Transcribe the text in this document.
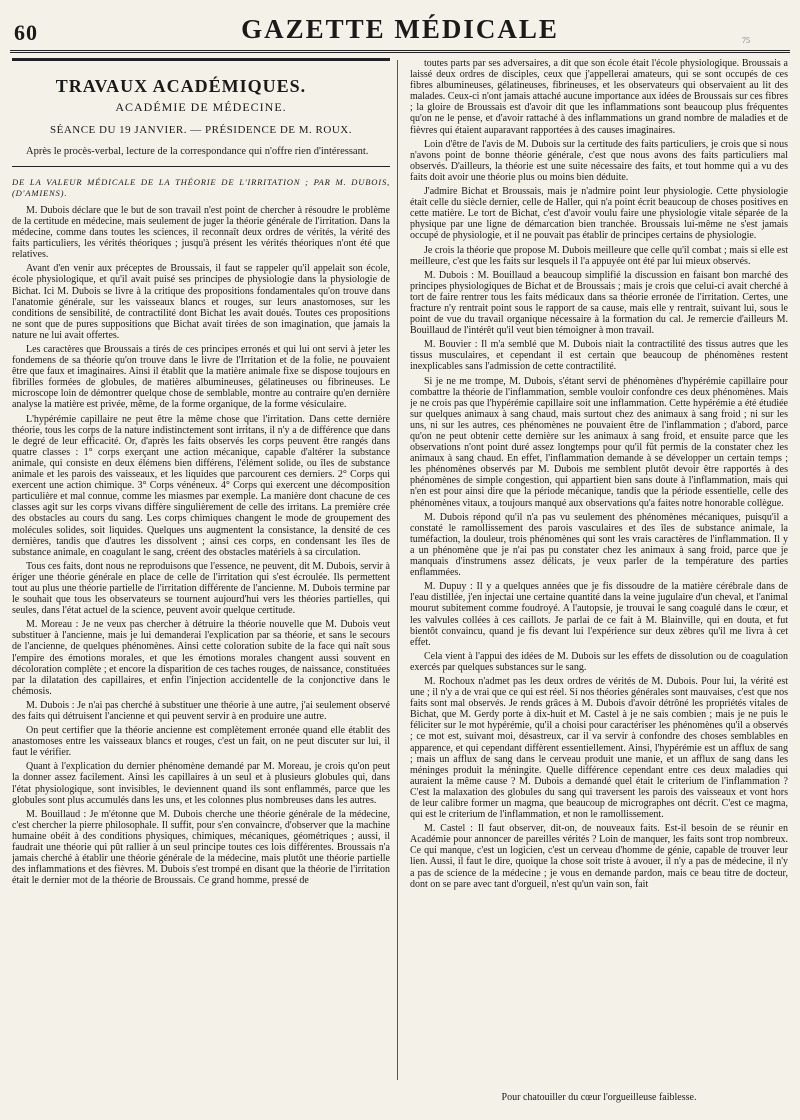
60	GAZETTE MÉDICALE	75
TRAVAUX ACADÉMIQUES.
ACADÉMIE DE MÉDECINE.
SÉANCE DU 19 JANVIER. — PRÉSIDENCE DE M. ROUX.
Après le procès-verbal, lecture de la correspondance qui n'offre rien d'intéressant.
DE LA VALEUR MÉDICALE DE LA THÉORIE DE L'IRRITATION ; PAR M. DUBOIS, (D'AMIENS).

M. Dubois déclare que le but de son travail n'est point de chercher à résoudre le problème de la certitude en médecine, mais seulement de juger la théorie générale de l'irritation. Dans la médecine, comme dans toutes les sciences, il reconnaît deux ordres de vérités, la vérité des faits particuliers, les vérités théoriques ; jusqu'à présent les vérités théoriques n'ont été que relatives.

Avant d'en venir aux préceptes de Broussais, il faut se rappeler qu'il appelait son école, école physiologique, et qu'il avait puisé ses principes de physiologie dans la physiologie de Bichat. Ici M. Dubois se livre à la critique des propositions fondamentales qu'on trouve dans l'anatomie générale, sur les vaisseaux blancs et rouges, sur leurs anastomoses, sur les conditions de sensibilité, de contractilité dont Bichat les avait doués. Toutes ces propositions ne sont que de pures suppositions que Bichat avait tirées de son imagination, que jamais la nature ne lui avait offertes.

Les caractères que Broussais a tirés de ces principes erronés et qui lui ont servi à jeter les fondemens de sa théorie qu'on trouve dans le livre de l'Irritation et de la folie, ne pouvaient être que faux et imaginaires. Ainsi il établit que la matière animale fixe se dispose toujours en fibrilles formées de globules, de matières albumineuses, gélatineuses ou fibrineuses. Le microscope loin de démontrer quelque chose de semblable, montre au contraire qu'en dernière analyse la matière est privée, même, de la forme organique, de la forme vésiculaire.

L'hypérémie capillaire ne peut être la même chose que l'irritation. Dans cette dernière théorie, tous les corps de la nature indistinctement sont irritans, il n'y a de différence que dans le degré de leur efficacité. Or, d'après les faits observés les corps peuvent être rangés dans quatre classes : 1° corps exerçant une action mécanique, capable d'altérer la substance animale, qui consiste en deux élémens bien différens, l'élément solide, ou îles de substance animale et les parois des vaisseaux, et les liquides que parcourent ces derniers. 2° Corps qui exercent une action chimique. 3° Corps vénéneux. 4° Corps qui exercent une décomposition particulière et mal connue, comme les miasmes par exemple. La manière dont chacune de ces classes agit sur les corps vivans diffère singulièrement de celle des irritans. La première crée des obstacles au cours du sang. Les corps chimiques changent le mode de groupement des molécules solides, soit liquides. Quelques uns augmentent la consistance, la densité de ces dernières, tandis que d'autres les dissolvent ; ainsi ces corps, en condensant les îles de substance animale, en coagulant le sang, créent des obstacles matériels à sa circulation.

Tous ces faits, dont nous ne reproduisons que l'essence, ne peuvent, dit M. Dubois, servir à ériger une théorie générale en place de celle de l'irritation qui s'est écroulée. Ils permettent tout au plus une théorie partielle de l'irritation différente de l'ancienne. M. Dubois termine par le souhait que tous les observateurs se tournent aujourd'hui vers les théories partielles, qui seules, dans l'état actuel de la science, peuvent avoir quelque certitude.

M. Moreau : Je ne veux pas chercher à détruire la théorie nouvelle que M. Dubois veut substituer à l'ancienne, mais je lui demanderai l'explication par sa théorie, et sans le secours de l'ancienne, de quelques phénomènes. Ainsi cette coloration subite de la face qui naît sous l'empire des émotions morales, et que les émotions morales changent aussi souvent en décoloration complète ; et encore la disparition de ces taches rouges, de naissance, constituées par la dilatation des capillaires, et enfin l'injection accidentelle de la conjonctive dans le chémosis.

M. Dubois : Je n'ai pas cherché à substituer une théorie à une autre, j'ai seulement observé des faits qui détruisent l'ancienne et qui peuvent servir à en produire une autre.

On peut certifier que la théorie ancienne est complètement erronée quand elle établit des anastomoses entre les vaisseaux blancs et rouges, c'est un fait, on ne peut discuter sur lui, il faut le vérifier.

Quant à l'explication du dernier phénomène demandé par M. Moreau, je crois qu'on peut la donner assez facilement. Ainsi les capillaires à un seul et à plusieurs globules qui, dans l'état physiologique, sont invisibles, le deviennent quand ils sont enflammés, parce que les globules sont plus accumulés dans les uns, et les colonnes plus nombreuses dans les autres.

M. Bouillaud : Je m'étonne que M. Dubois cherche une théorie générale de la médecine, c'est chercher la pierre philosophale. Il suffit, pour s'en convaincre, d'observer que la machine humaine obéit à des conditions physiques, chimiques, mécaniques, géométriques ; aussi, il faudrait une théorie qui pût rallier à un seul principe toutes ces lois différentes. Broussais n'a jamais cherché à établir une théorie générale de la médecine, mais plutôt une théorie partielle des inflammations et des fièvres. M. Dubois s'est trompé en disant que la théorie de l'irritation était le dernier mot de la théorie de Broussais. Ce grand homme, pressé de

toutes parts par ses adversaires, a dit que son école était l'école physiologique. Broussais a laissé deux ordres de disciples, ceux que j'appellerai amateurs, qui se sont occupés de ces fibres albumineuses, gélatineuses, fibrineuses, et les observateurs qui observaient au lit des malades. Ceux-ci n'ont jamais attaché aucune importance aux idées de Broussais sur ces fibres ; la gloire de Broussais est d'avoir dit que les inflammations sont beaucoup plus fréquentes qu'on ne le pense, et d'avoir rattaché à des inflammations un grand nombre de maladies et de fièvres qui étaient auparavant rapportées à des causes imaginaires.

Loin d'être de l'avis de M. Dubois sur la certitude des faits particuliers, je crois que si nous n'avons point de bonne théorie générale, c'est que nous avons des faits particuliers mal observés. D'ailleurs, la théorie est une suite nécessaire des faits, et tout homme qui a vu des faits doit avoir une théorie plus ou moins bien déduite.

J'admire Bichat et Broussais, mais je n'admire point leur physiologie. Cette physiologie était celle du siècle dernier, celle de Haller, qui n'a point écrit beaucoup de choses positives en cette matière. Le tort de Bichat, c'est d'avoir voulu faire une physiologie vitale séparée de la physique par une ligne de démarcation bien tranchée. Broussais lui-même ne s'est jamais occupé de physiologie, et il ne pouvait pas établir de principes certains de physiologie.

Je crois la théorie que propose M. Dubois meilleure que celle qu'il combat ; mais si elle est meilleure, c'est que les faits sur lesquels il l'a appuyée ont été par lui mieux observés.

M. Dubois : M. Bouillaud a beaucoup simplifié la discussion en faisant bon marché des principes physiologiques de Bichat et de Broussais ; mais je crois que celui-ci avait cherché à tort de faire rentrer tous les faits médicaux dans sa théorie erronée de l'irritation. Certes, une fracture n'y rentrait point sous le rapport de sa cause, mais elle y rentrait, suivant lui, sous le point de vue du travail organique nécessaire à la formation du cal. Je remercie d'ailleurs M. Bouillaud de l'intérêt qu'il veut bien témoigner à mon travail.

M. Bouvier : Il m'a semblé que M. Dubois niait la contractilité des tissus autres que les tissus musculaires, et cependant il est certain que beaucoup de phénomènes restent inexplicables sans l'admission de cette contractilité.

Si je ne me trompe, M. Dubois, s'étant servi de phénomènes d'hypérémie capillaire pour combattre la théorie de l'inflammation, semble vouloir confondre ces deux phénomènes. Mais je ne crois pas que l'hypérémie capillaire soit une inflammation. Cette hypérémie a été étudiée sur quelques animaux à sang chaud, mais surtout chez des animaux à sang froid ; ni sur les uns, ni sur les autres, ces phénomènes ne pouvaient être de l'inflammation ; d'abord, parce qu'on ne peut obtenir cette dernière sur les animaux à sang froid, et ensuite parce que les observations n'ont point duré assez longtemps pour qu'il fût permis de la constater chez les animaux à sang chaud. En effet, l'inflammation demande à se développer un certain temps ; les phénomènes observés par M. Dubois me semblent plutôt devoir être rapportés à des phénomènes de simple congestion, qui appartient bien sans doute à l'inflammation, mais qui n'en est pour ainsi dire que la période mécanique, tandis que la période essentielle, celle des phénomènes vitaux, a toujours manqué aux observations qu'a faites notre honorable collègue.

M. Dubois répond qu'il n'a pas vu seulement des phénomènes mécaniques, puisqu'il a constaté le ramollissement des parois vasculaires et des îles de substance animale, la tuméfaction, la douleur, trois phénomènes qui sont les vrais caractères de l'inflammation. Il y a un phénomène que je n'ai pas pu constater chez les animaux à sang froid, parce que je manquais d'instrumens assez délicats, je veux parler de la température des parties enflammées.

M. Dupuy : Il y a quelques années que je fis dissoudre de la matière cérébrale dans de l'eau distillée, j'en injectai une certaine quantité dans la veine jugulaire d'un cheval, et l'animal mourut subitement comme foudroyé. A l'autopsie, je trouvai le sang coagulé dans le cœur, et les valvules collées à ces caillots. Je parlai de ce fait à M. Blainville, qui en douta, et fut bientôt convaincu, quand je fis devant lui l'expérience sur deux zèbres qu'il me livra à cet effet.

Cela vient à l'appui des idées de M. Dubois sur les effets de dissolution ou de coagulation exercés par quelques substances sur le sang.

M. Rochoux n'admet pas les deux ordres de vérités de M. Dubois. Pour lui, la vérité est une ; il n'y a de vrai que ce qui est réel. Si nos théories générales sont mauvaises, c'est que nos faits sont mal observés. Je rends grâces à M. Dubois d'avoir détrôné les propriétés vitales de Bichat, que M. Gerdy porte à dix-huit et M. Castel à je ne sais combien ; mais je ne puis le féliciter sur le mot hypérémie, qu'il a choisi pour caractériser les phénomènes qu'il a observés ; ce mot est, suivant moi, désastreux, car il va servir à confondre des choses semblables en apparence, et qui cependant diffèrent essentiellement. Ainsi, l'hypérémie est un afflux de sang ; mais un afflux de sang dans le cerveau produit une manie, et un afflux de sang dans les méninges produit la méningite. Quelle différence cependant entre ces deux maladies qui auraient la même cause ? M. Dubois a demandé quel était le criterium de l'inflammation ? C'est la malaxation des globules du sang qui traversent les parois des vaisseaux et vont hors de leur calibre former un magma, que beaucoup de micrographes ont décrit. C'est ce magma, qui est le criterium de l'inflammation, et non le ramollissement.

M. Castel : Il faut observer, dit-on, de nouveaux faits. Est-il besoin de se réunir en Académie pour annoncer de pareilles vérités ? Loin de manquer, les faits sont trop nombreux. Ce qui manque, c'est un logicien, c'est un cerveau d'homme de génie, capable de trouver leur lien. Aussi, il faut le dire, quoique la chose soit triste à avouer, il n'y a pas de médecine, il n'y a pas de science de la médecine ; je vous en demande pardon, mais ce beau titre de docteur, dont on se pare avec tant d'orgueil, n'est qu'un vain son, fait

Pour chatouiller du cœur l'orgueilleuse faiblesse.
